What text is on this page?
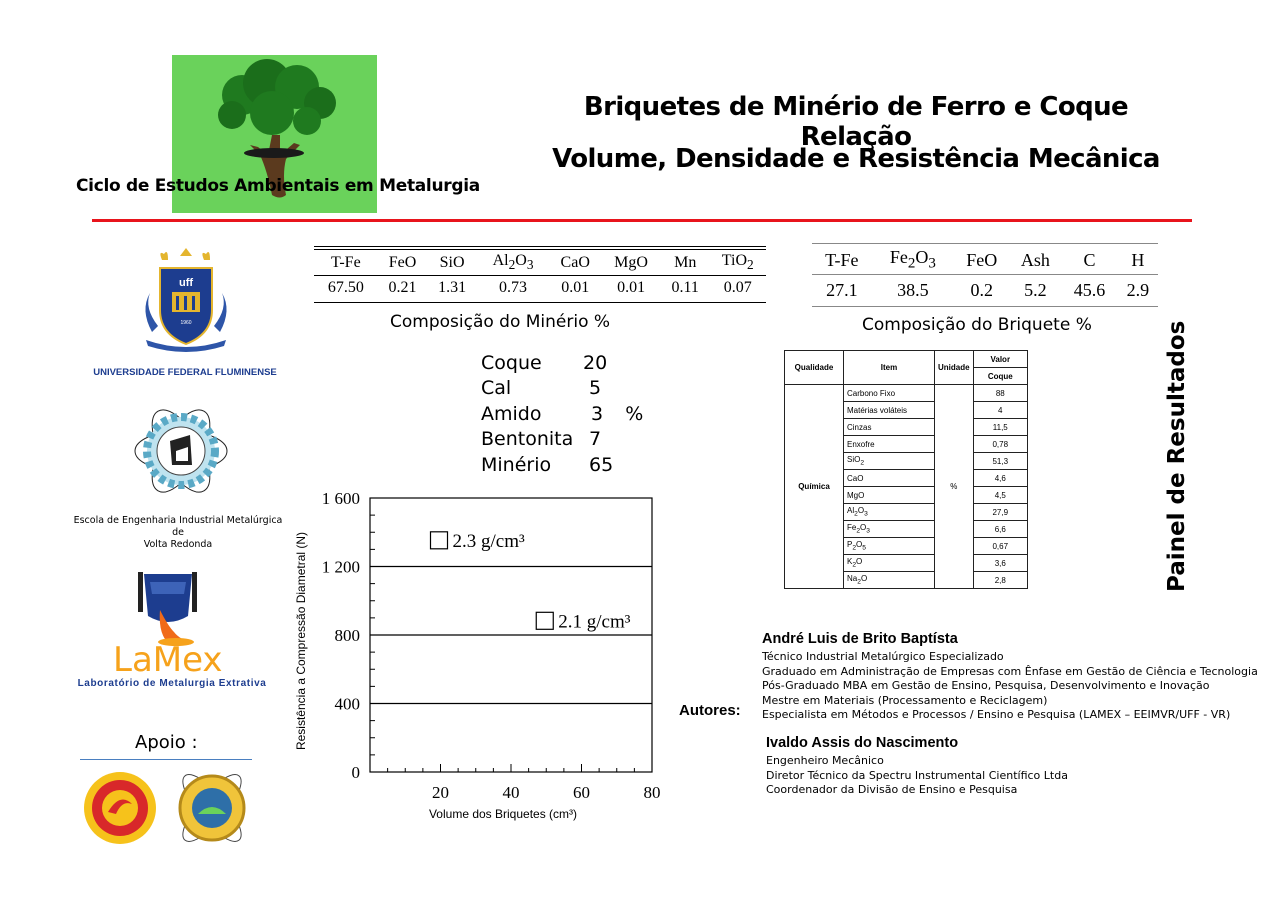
Ciclo de Estudos Ambientais em Metalurgia
Briquetes de Minério de Ferro e Coque Relação
Volume, Densidade e Resistência Mecânica
uff
1960
UNIVERSIDADE FEDERAL FLUMINENSE
Escola de Engenharia Industrial Metalúrgica de
Volta Redonda
LaMex
Laboratório de Metalurgia Extrativa
Apoio :
T-Fe	FeO	SiO	$Al_2O_3$	CaO	MgO	Mn	TiO$_2$
67.50	0.21	1.31	0.73	0.01	0.01	0.11	0.07
Composição do Minério %
T-Fe	$Fe_2O_3$	FeO	Ash	C	H
27.1	38.5	0.2	5.2	45.6	2.9
Composição do Briquete %
Coque	20	
Cal	5	
Amido	3	%
Bentonita	7	
Minério	65	
Qualidade	Item	Unidade	Valor
			Coque
Química	Carbono Fixo	%	88
	Matérias voláteis		4
	Cinzas		11,5
	Enxofre		0,78
	SiO$_2$		51,3
	CaO		4,6
	MgO		4,5
	$Al_2O_3$		27,9
	$Fe_2O_3$		6,6
	$P_2O_5$		0,67
	$K_2O$		3,6
	$Na_2O$		2,8	Painel de Resultados
0
400
800
1 200
1 600
20	40	60	80
Volume dos Briquetes (cm³)
Resistência a Compressão Diametral (N)	2.3 g/cm³
2.1 g/cm³
Autores:
André Luis de Brito Baptísta
Técnico Industrial Metalúrgico Especializado
Graduado em Administração de Empresas com Ênfase em Gestão de Ciência e Tecnologia
Pós-Graduado MBA em Gestão de Ensino, Pesquisa, Desenvolvimento e Inovação
Mestre em Materiais (Processamento e Reciclagem)
Especialista em Métodos e Processos / Ensino e Pesquisa (LAMEX – EEIMVR/UFF - VR)
Ivaldo Assis do Nascimento
Engenheiro Mecânico
Diretor Técnico da Spectru Instrumental Científico Ltda
Coordenador da Divisão de Ensino e Pesquisa
